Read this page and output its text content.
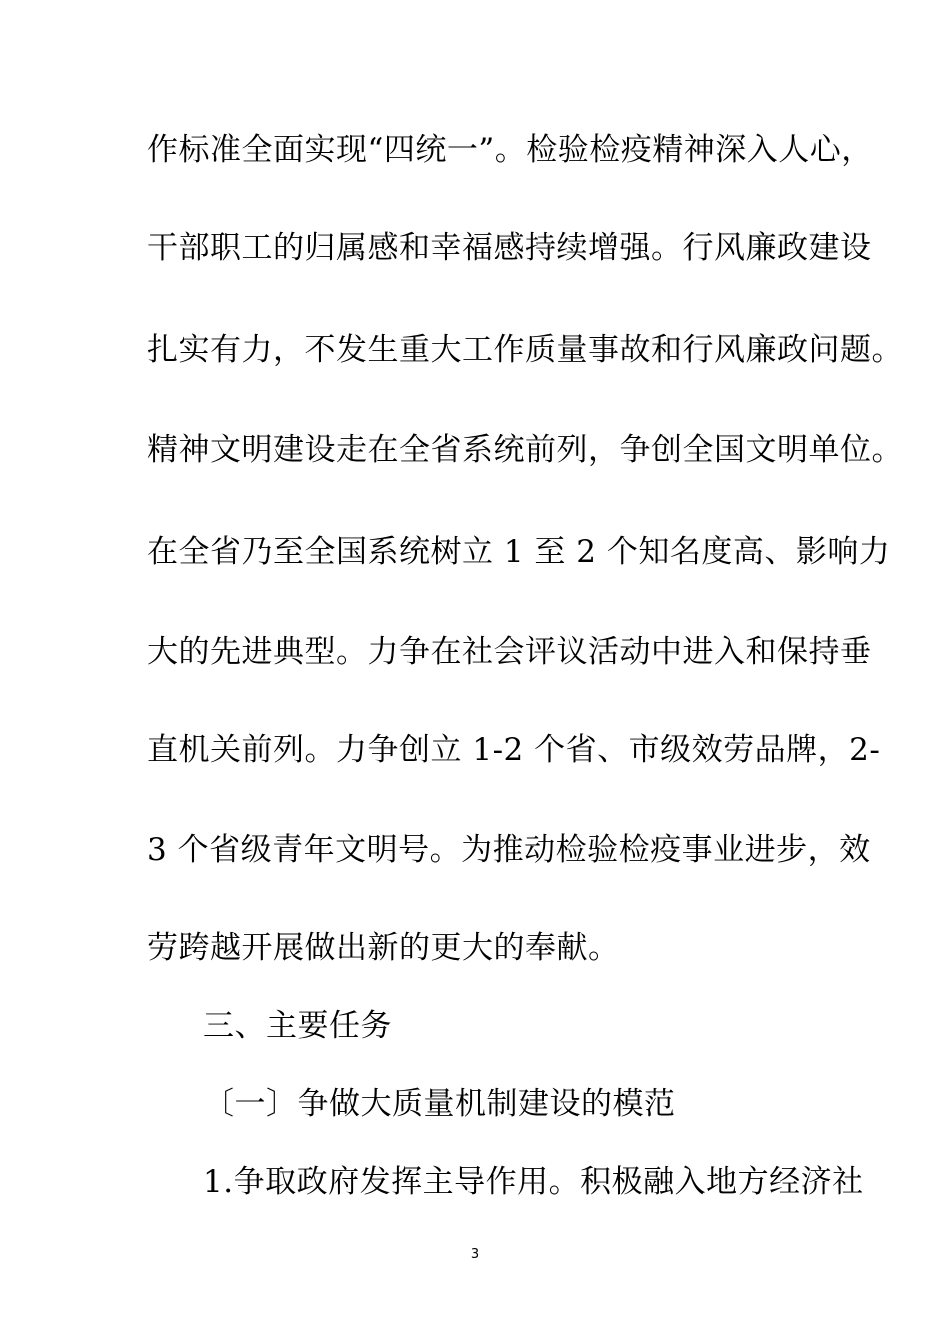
作标准全面实现“四统一”。检验检疫精神深入人心，
干部职工的归属感和幸福感持续增强。行风廉政建设
扎实有力，不发生重大工作质量事故和行风廉政问题。
精神文明建设走在全省系统前列，争创全国文明单位。
在全省乃至全国系统树立 1 至 2 个知名度高、影响力
大的先进典型。力争在社会评议活动中进入和保持垂
直机关前列。力争创立 1-2 个省、市级效劳品牌，2-
3 个省级青年文明号。为推动检验检疫事业进步，效
劳跨越开展做出新的更大的奉献。
三、主要任务
〔一〕争做大质量机制建设的模范
1.争取政府发挥主导作用。积极融入地方经济社
3
